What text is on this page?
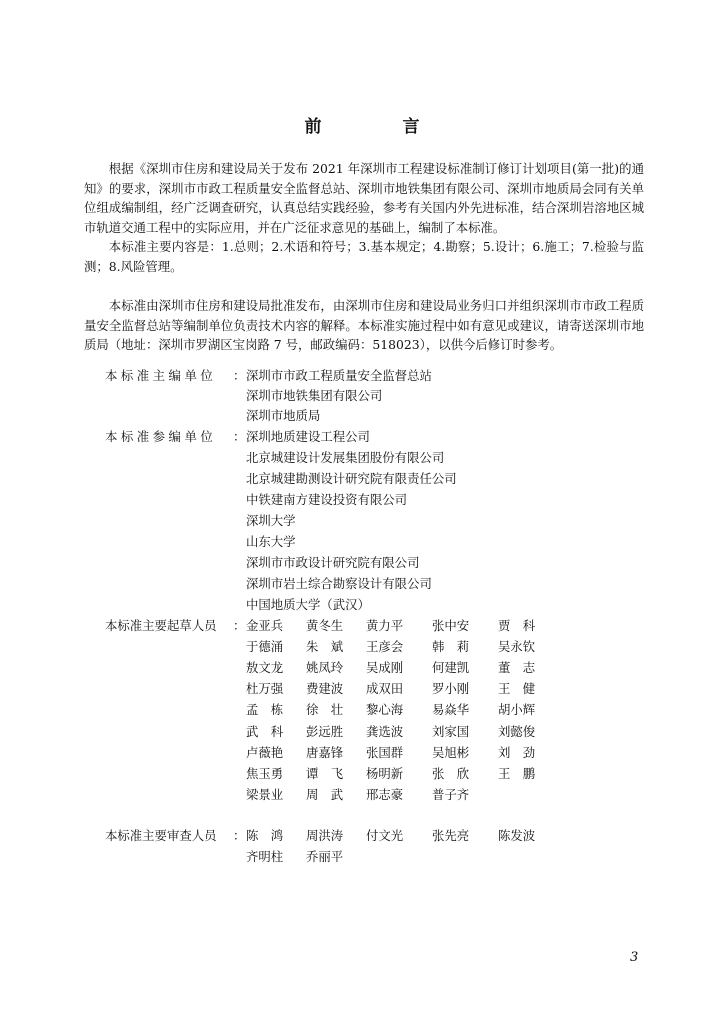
前　言

根据《深圳市住房和建设局关于发布 2021 年深圳市工程建设标准制订修订计划项目(第一批)的通知》的要求，深圳市市政工程质量安全监督总站、深圳市地铁集团有限公司、深圳市地质局会同有关单位组成编制组，经广泛调查研究，认真总结实践经验，参考有关国内外先进标准，结合深圳岩溶地区城市轨道交通工程中的实际应用，并在广泛征求意见的基础上，编制了本标准。

本标准主要内容是：1.总则；2.术语和符号；3.基本规定；4.勘察；5.设计；6.施工；7.检验与监测；8.风险管理。

本标准由深圳市住房和建设局批准发布，由深圳市住房和建设局业务归口并组织深圳市市政工程质量安全监督总站等编制单位负责技术内容的解释。本标准实施过程中如有意见或建议，请寄送深圳市地质局（地址：深圳市罗湖区宝岗路 7 号，邮政编码：518023），以供今后修订时参考。

本标准主编单位	： 深圳市市政工程质量安全监督总站
深圳市地铁集团有限公司
深圳市地质局
本标准参编单位	： 深圳地质建设工程公司
北京城建设计发展集团股份有限公司
北京城建勘测设计研究院有限责任公司
中铁建南方建设投资有限公司
深圳大学
山东大学
深圳市市政设计研究院有限公司
深圳市岩土综合勘察设计有限公司
中国地质大学（武汉）
本标准主要起草人员	： 金亚兵 黄冬生 黄力平 张中安 贾　科
于德涌 朱　斌 王彦会 韩　莉 吴永钦
敖文龙 姚凤玲 吴成刚 何建凯 董　志
杜万强 费建波 成双田 罗小刚 王　健
孟　栋 徐　壮 黎心海 易焱华 胡小辉
武　科 彭远胜 龚选波 刘家国 刘懿俊
卢薇艳 唐嘉锋 张国群 吴旭彬 刘　劲
焦玉勇 谭　飞 杨明新 张　欣 王　鹏
梁景业 周　武 邢志豪 普子齐
本标准主要审查人员	： 陈　鸿 周洪涛 付文光 张先亮 陈发波
齐明柱 乔丽平
3
